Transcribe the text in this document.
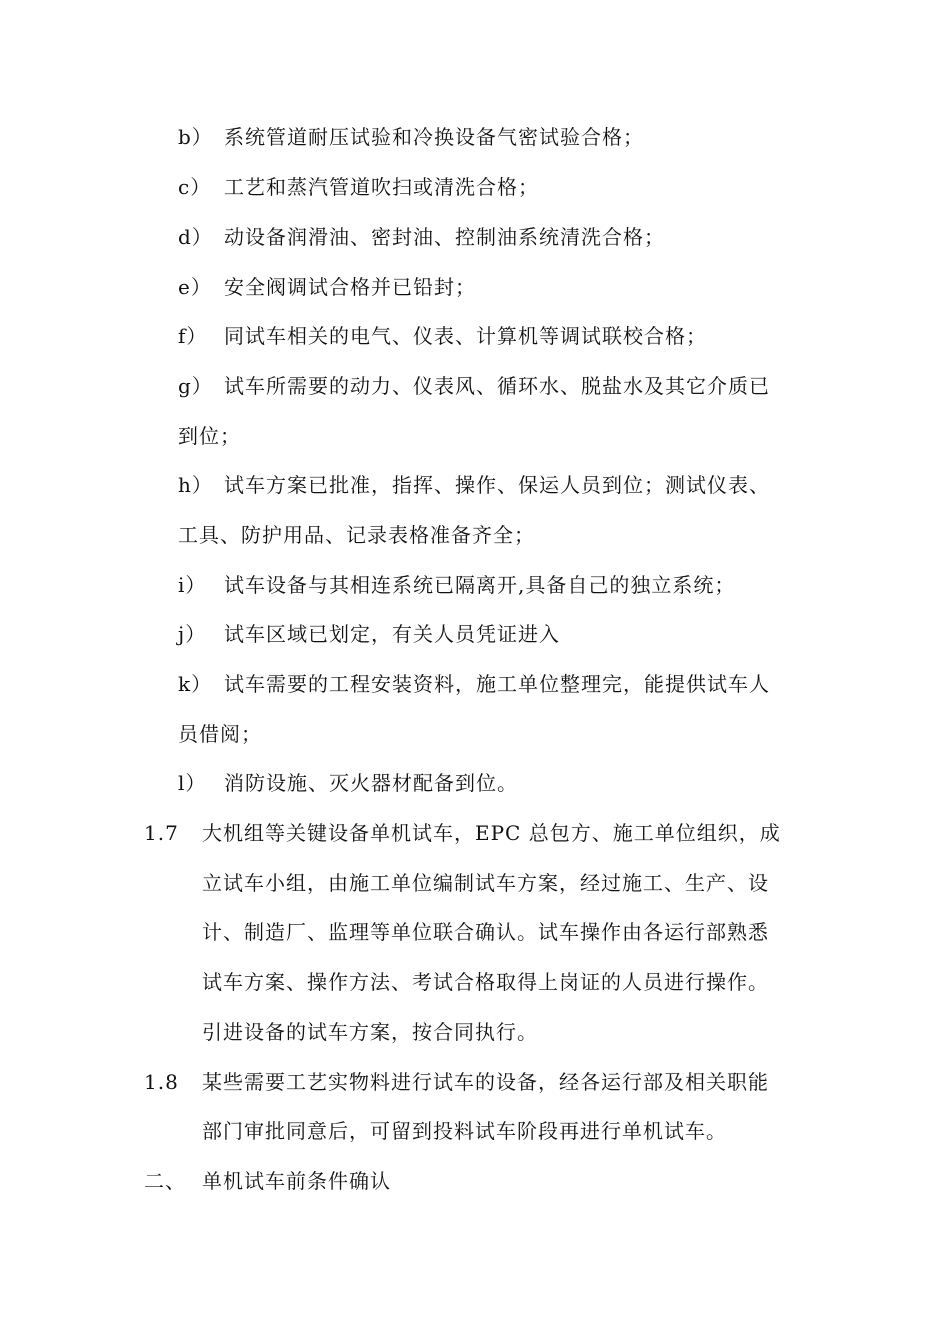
b） 系统管道耐压试验和冷换设备气密试验合格；
c） 工艺和蒸汽管道吹扫或清洗合格；
d） 动设备润滑油、密封油、控制油系统清洗合格；
e） 安全阀调试合格并已铅封；
f） 同试车相关的电气、仪表、计算机等调试联校合格；
g） 试车所需要的动力、仪表风、循环水、脱盐水及其它介质已
到位；
h） 试车方案已批准，指挥、操作、保运人员到位；测试仪表、
工具、防护用品、记录表格准备齐全；
i） 试车设备与其相连系统已隔离开,具备自己的独立系统；
j） 试车区域已划定，有关人员凭证进入
k） 试车需要的工程安装资料，施工单位整理完，能提供试车人
员借阅；
l） 消防设施、灭火器材配备到位。
1.7 大机组等关键设备单机试车，EPC 总包方、施工单位组织，成
立试车小组，由施工单位编制试车方案，经过施工、生产、设
计、制造厂、监理等单位联合确认。试车操作由各运行部熟悉
试车方案、操作方法、考试合格取得上岗证的人员进行操作。
引进设备的试车方案，按合同执行。
1.8 某些需要工艺实物料进行试车的设备，经各运行部及相关职能
部门审批同意后，可留到投料试车阶段再进行单机试车。
二、 单机试车前条件确认
